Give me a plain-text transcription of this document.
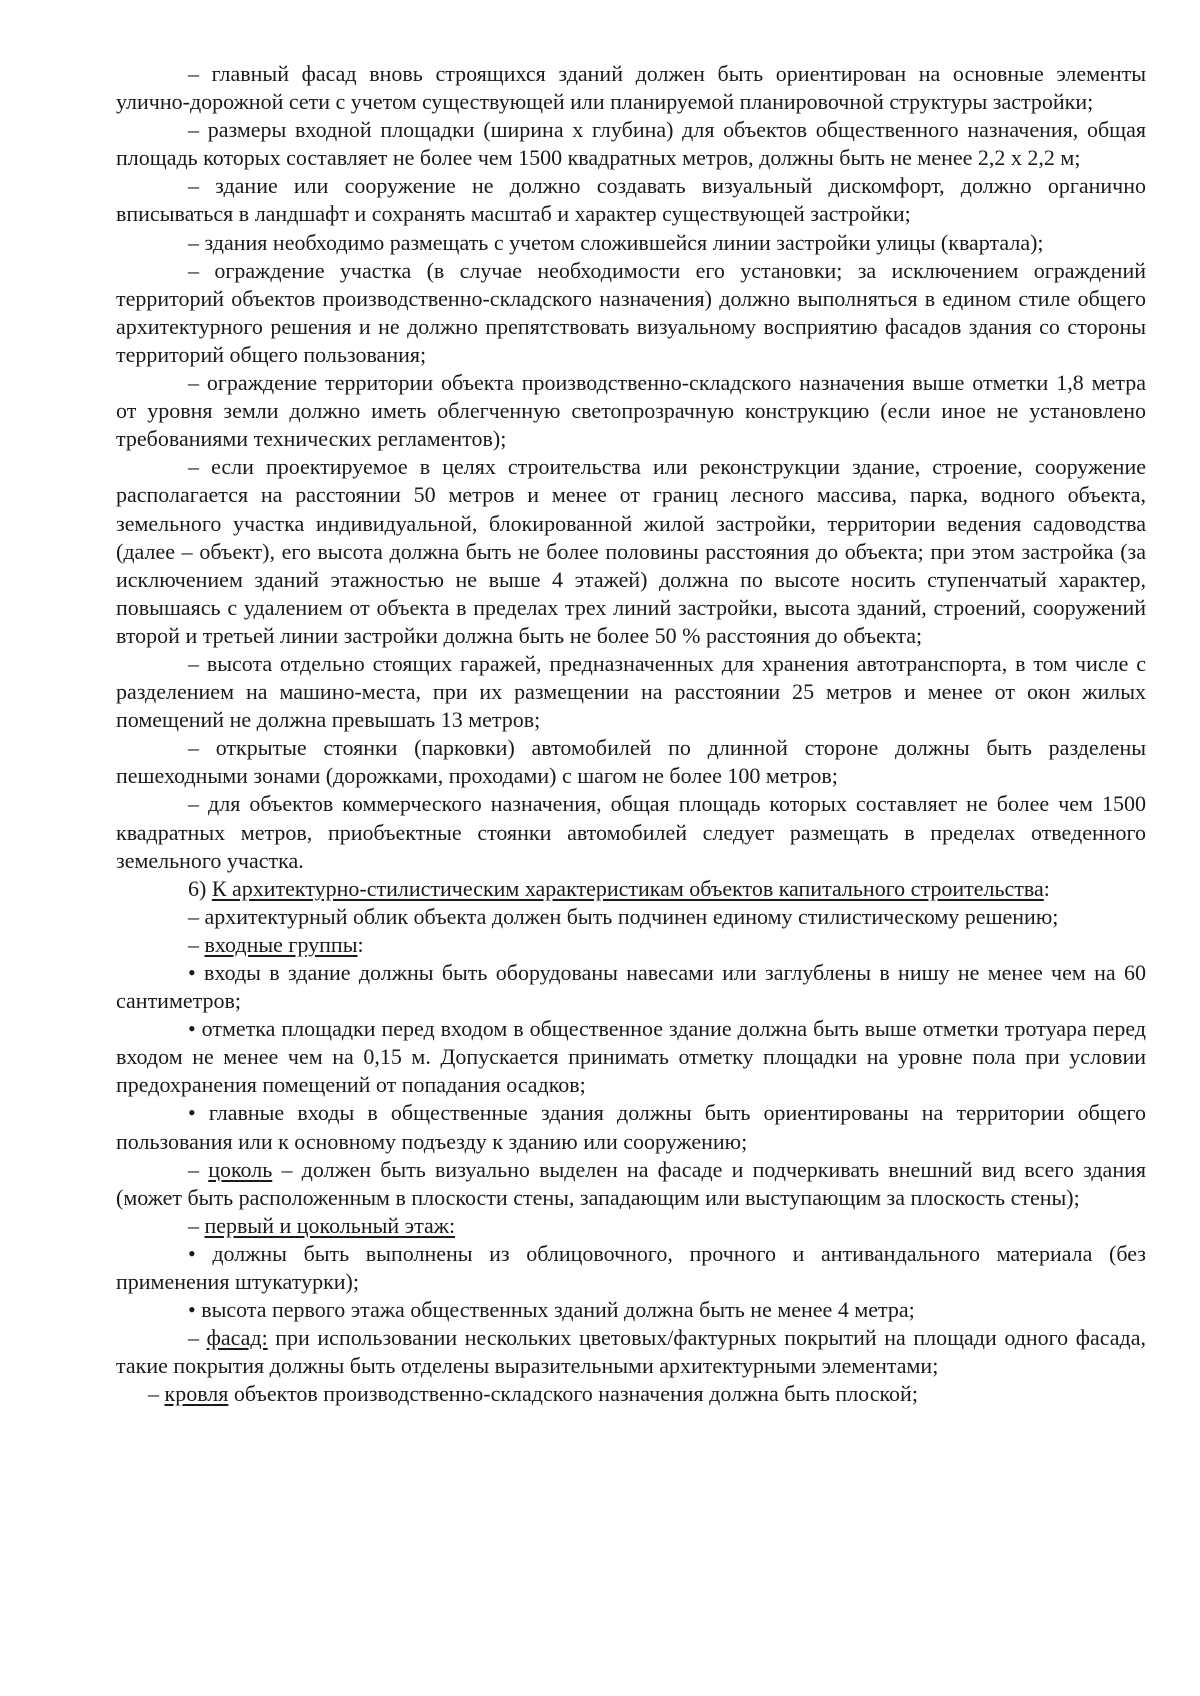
– главный фасад вновь строящихся зданий должен быть ориентирован на основные элементы улично-дорожной сети с учетом существующей или планируемой планировочной структуры застройки;

– размеры входной площадки (ширина х глубина) для объектов общественного назначения, общая площадь которых составляет не более чем 1500 квадратных метров, должны быть не менее 2,2 х 2,2 м;

– здание или сооружение не должно создавать визуальный дискомфорт, должно органично вписываться в ландшафт и сохранять масштаб и характер существующей застройки;

– здания необходимо размещать с учетом сложившейся линии застройки улицы (квартала);

– ограждение участка (в случае необходимости его установки; за исключением ограждений территорий объектов производственно-складского назначения) должно выполняться в едином стиле общего архитектурного решения и не должно препятствовать визуальному восприятию фасадов здания со стороны территорий общего пользования;

– ограждение территории объекта производственно-складского назначения выше отметки 1,8 метра от уровня земли должно иметь облегченную светопрозрачную конструкцию (если иное не установлено требованиями технических регламентов);

– если проектируемое в целях строительства или реконструкции здание, строение, сооружение располагается на расстоянии 50 метров и менее от границ лесного массива, парка, водного объекта, земельного участка индивидуальной, блокированной жилой застройки, территории ведения садоводства (далее – объект), его высота должна быть не более половины расстояния до объекта; при этом застройка (за исключением зданий этажностью не выше 4 этажей) должна по высоте носить ступенчатый характер, повышаясь с удалением от объекта в пределах трех линий застройки, высота зданий, строений, сооружений второй и третьей линии застройки должна быть не более 50 % расстояния до объекта;

– высота отдельно стоящих гаражей, предназначенных для хранения автотранспорта, в том числе с разделением на машино-места, при их размещении на расстоянии 25 метров и менее от окон жилых помещений не должна превышать 13 метров;

– открытые стоянки (парковки) автомобилей по длинной стороне должны быть разделены пешеходными зонами (дорожками, проходами) с шагом не более 100 метров;

– для объектов коммерческого назначения, общая площадь которых составляет не более чем 1500 квадратных метров, приобъектные стоянки автомобилей следует размещать в пределах отведенного земельного участка.

6) К архитектурно-стилистическим характеристикам объектов капитального строительства:

– архитектурный облик объекта должен быть подчинен единому стилистическому решению;

– входные группы:

• входы в здание должны быть оборудованы навесами или заглублены в нишу не менее чем на 60 сантиметров;

• отметка площадки перед входом в общественное здание должна быть выше отметки тротуара перед входом не менее чем на 0,15 м. Допускается принимать отметку площадки на уровне пола при условии предохранения помещений от попадания осадков;

• главные входы в общественные здания должны быть ориентированы на территории общего пользования или к основному подъезду к зданию или сооружению;

– цоколь – должен быть визуально выделен на фасаде и подчеркивать внешний вид всего здания (может быть расположенным в плоскости стены, западающим или выступающим за плоскость стены);

– первый и цокольный этаж:

• должны быть выполнены из облицовочного, прочного и антивандального материала (без применения штукатурки);

• высота первого этажа общественных зданий должна быть не менее 4 метра;

– фасад: при использовании нескольких цветовых/фактурных покрытий на площади одного фасада, такие покрытия должны быть отделены выразительными архитектурными элементами;

– кровля объектов производственно-складского назначения должна быть плоской;
